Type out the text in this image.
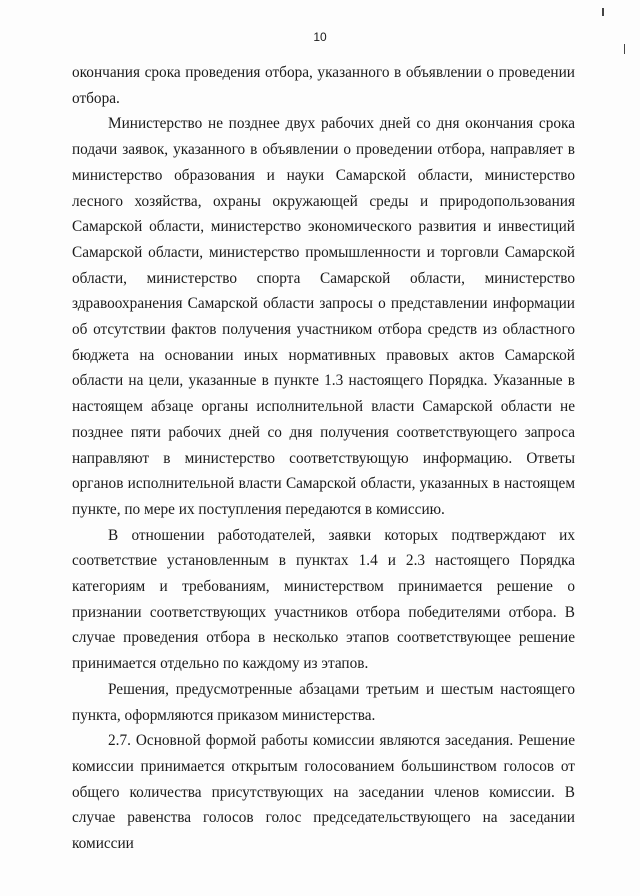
10

окончания срока проведения отбора, указанного в объявлении о проведении отбора.

Министерство не позднее двух рабочих дней со дня окончания срока подачи заявок, указанного в объявлении о проведении отбора, направляет в министерство образования и науки Самарской области, министерство лесного хозяйства, охраны окружающей среды и природопользования Самарской области, министерство экономического развития и инвестиций Самарской области, министерство промышленности и торговли Самарской области, министерство спорта Самарской области, министерство здравоохранения Самарской области запросы о представлении информации об отсутствии фактов получения участником отбора средств из областного бюджета на основании иных нормативных правовых актов Самарской области на цели, указанные в пункте 1.3 настоящего Порядка. Указанные в настоящем абзаце органы исполнительной власти Самарской области не позднее пяти рабочих дней со дня получения соответствующего запроса направляют в министерство соответствующую информацию. Ответы органов исполнительной власти Самарской области, указанных в настоящем пункте, по мере их поступления передаются в комиссию.

В отношении работодателей, заявки которых подтверждают их соответствие установленным в пунктах 1.4 и 2.3 настоящего Порядка категориям и требованиям, министерством принимается решение о признании соответствующих участников отбора победителями отбора. В случае проведения отбора в несколько этапов соответствующее решение принимается отдельно по каждому из этапов.

Решения, предусмотренные абзацами третьим и шестым настоящего пункта, оформляются приказом министерства.

2.7. Основной формой работы комиссии являются заседания. Решение комиссии принимается открытым голосованием большинством голосов от общего количества присутствующих на заседании членов комиссии. В случае равенства голосов голос председательствующего на заседании комиссии
